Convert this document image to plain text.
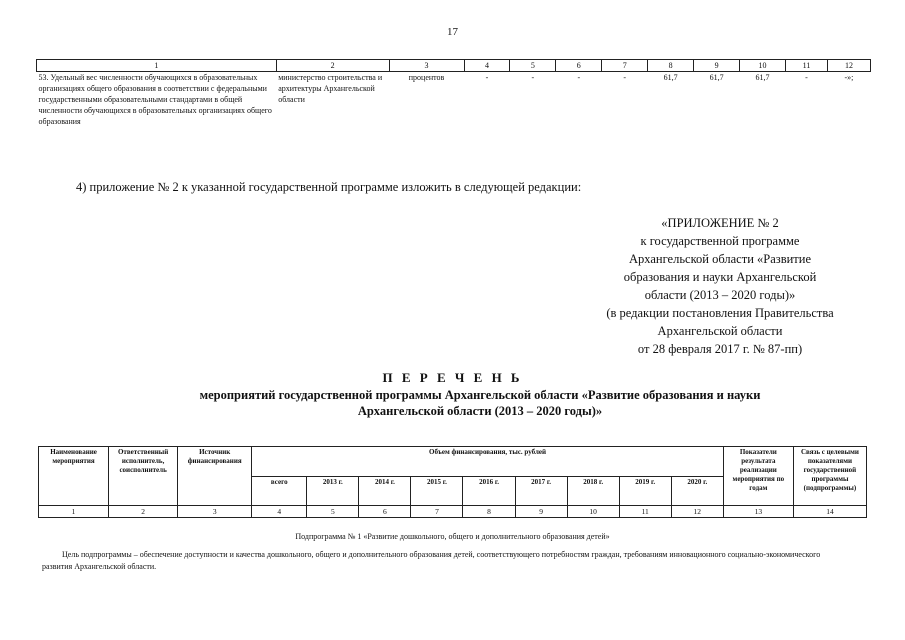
17
1	2	3	4	5	6	7	8	9	10	11	12
53. Удельный вес численности обучающихся в образовательных организациях общего образования в соответствии с федеральными государственными образовательными стандартами в общей численности обучающихся в образовательных организациях общего образования	министерство строительства и архитектуры Архангельской области	процентов	-	-	-	-	61,7	61,7	61,7	-	-»;
4) приложение № 2 к указанной государственной программе изложить в следующей редакции:
«ПРИЛОЖЕНИЕ № 2
к государственной программе
Архангельской области «Развитие
образования и науки Архангельской
области (2013 – 2020 годы)»
(в редакции постановления Правительства
Архангельской области
от 28 февраля 2017 г. № 87-пп)
П Е Р Е Ч Е Н Ь
мероприятий государственной программы Архангельской области «Развитие образования и науки
Архангельской области (2013 – 2020 годы)»
Наименование мероприятия	Ответственный исполнитель, соисполнитель	Источник финансирования	Объем финансирования, тыс. рублей									Показатели результата реализации мероприятия по годам	Связь с целевыми показателями государственной программы (подпрограммы)
			всего	2013 г.	2014 г.	2015 г.	2016 г.	2017 г.	2018 г.	2019 г.	2020 г.		
1	2	3	4	5	6	7	8	9	10	11	12	13	14
Подпрограмма № 1 «Развитие дошкольного, общего и дополнительного образования детей»
Цель подпрограммы – обеспечение доступности и качества дошкольного, общего и дополнительного образования детей, соответствующего потребностям граждан, требованиям инновационного социально-экономического развития Архангельской области.
